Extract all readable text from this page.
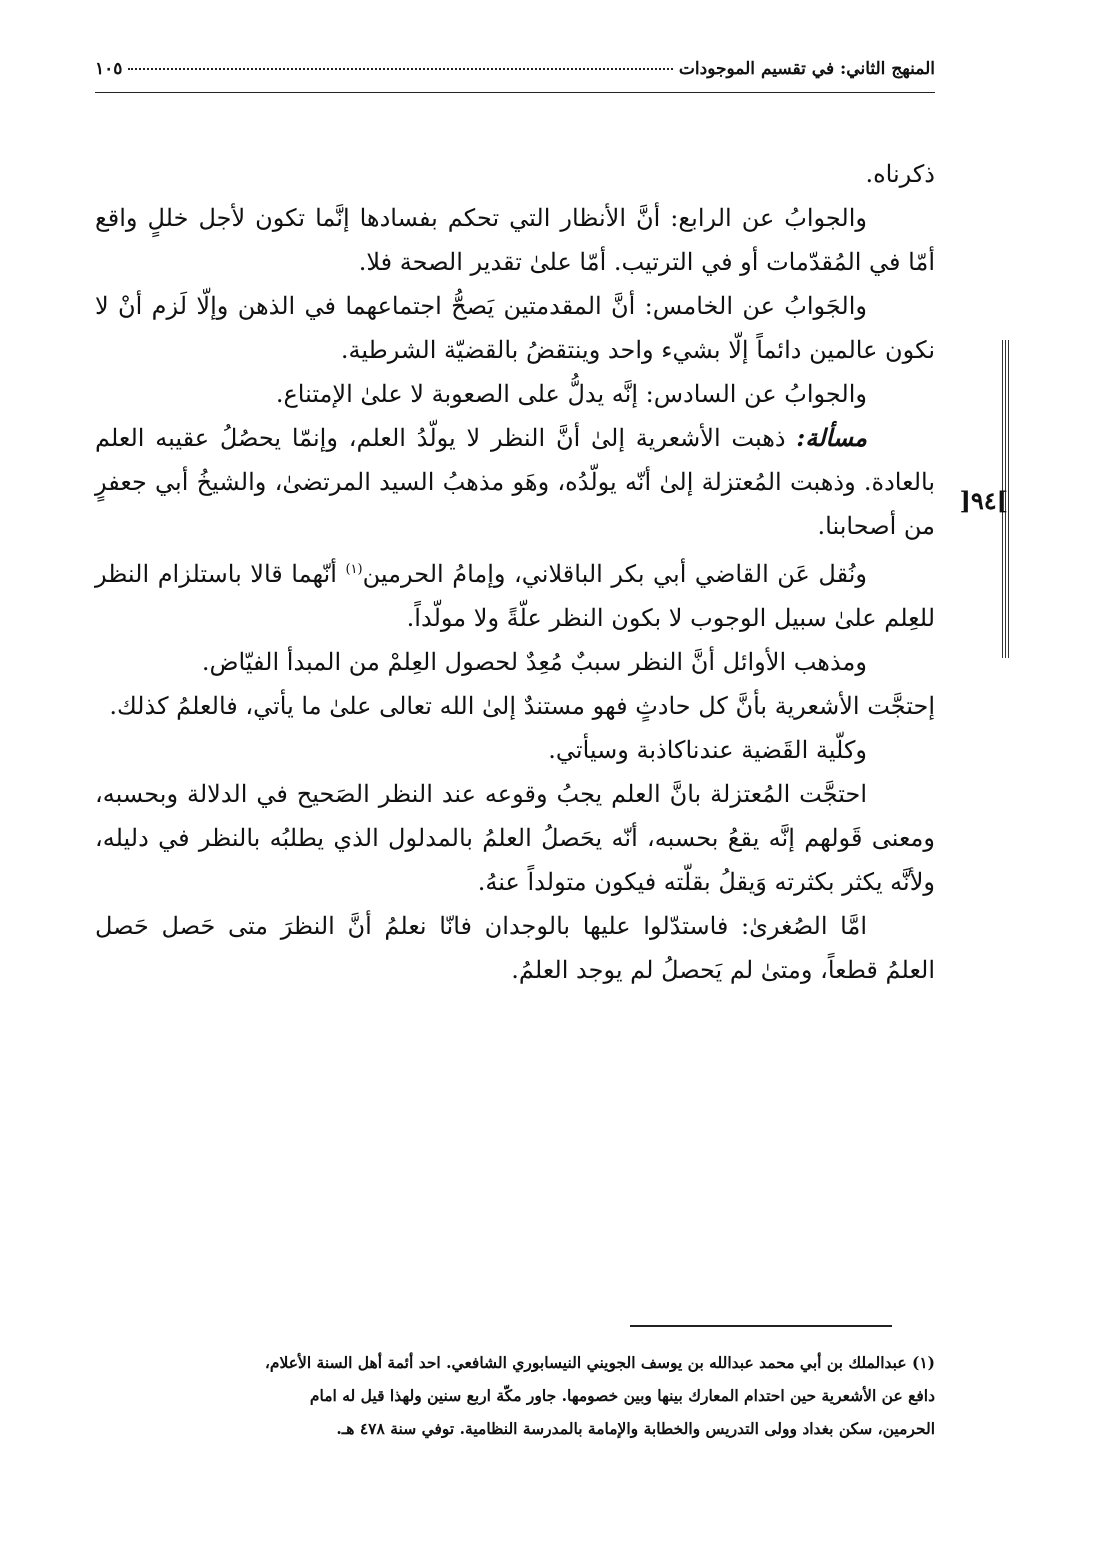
المنهج الثاني: في تقسيم الموجودات
١٠٥
]٩٤[

ذكرناه.

والجوابُ عن الرابع: أنَّ الأنظار التي تحكم بفسادها إنَّما تكون لأجل خللٍ واقع أمّا في المُقدّمات أو في الترتيب. أمّا علىٰ تقدير الصحة فلا.

والجَوابُ عن الخامس: أنَّ المقدمتين يَصحُّ اجتماعهما في الذهن وإلّا لَزم أنْ لا نكون عالمين دائماً إلّا بشيء واحد وينتقضُ بالقضيّة الشرطية.

والجوابُ عن السادس: إنَّه يدلُّ على الصعوبة لا علىٰ الإمتناع.

مسألة: ذهبت الأشعرية إلىٰ أنَّ النظر لا يولّدُ العلم، وإنمّا يحصُلُ عقيبه العلم بالعادة. وذهبت المُعتزلة إلىٰ أنّه يولّدُه، وهَو مذهبُ السيد المرتضىٰ، والشيخُ أبي جعفرٍ من أصحابنا.

ونُقل عَن القاضي أبي بكر الباقلاني، وإمامُ الحرمين$^{(١)}$ أنّهما قالا باستلزام النظر للعِلم علىٰ سبيل الوجوب لا بكون النظر علّةً ولا مولّداً.

ومذهب الأوائل أنَّ النظر سببٌ مُعِدٌ لحصول العِلمْ من المبدأ الفيّاض.

إحتجَّت الأشعرية بأنَّ كل حادثٍ فهو مستندٌ إلىٰ الله تعالى علىٰ ما يأتي، فالعلمُ كذلك.

وكلّية القَضية عندناكاذبة وسيأتي.

احتجَّت المُعتزلة بانَّ العلم يجبُ وقوعه عند النظر الصَحيح في الدلالة وبحسبه، ومعنى قَولهم إنَّه يقعُ بحسبه، أنّه يحَصلُ العلمُ بالمدلول الذي يطلبُه بالنظر في دليله، ولأنَّه يكثر بكثرته وَيقلُ بقلّته فيكون متولداً عنهُ.

امَّا الصُغرىٰ: فاستدّلوا عليها بالوجدان فانّا نعلمُ أنَّ النظرَ متى حَصل حَصل العلمُ قطعاً، ومتىٰ لم يَحصلُ لم يوجد العلمُ.

(١) عبدالملك بن أبي محمد عبدالله بن يوسف الجويني النيسابوري الشافعي. احد أئمة أهل السنة الأعلام،

دافع عن الأشعرية حين احتدام المعارك بينها وبين خصومها. جاور مكّة اربع سنين ولهذا قيل له امام

الحرمين، سكن بغداد وولى التدريس والخطابة والإمامة بالمدرسة النظامية. توفي سنة ٤٧٨ هـ.
